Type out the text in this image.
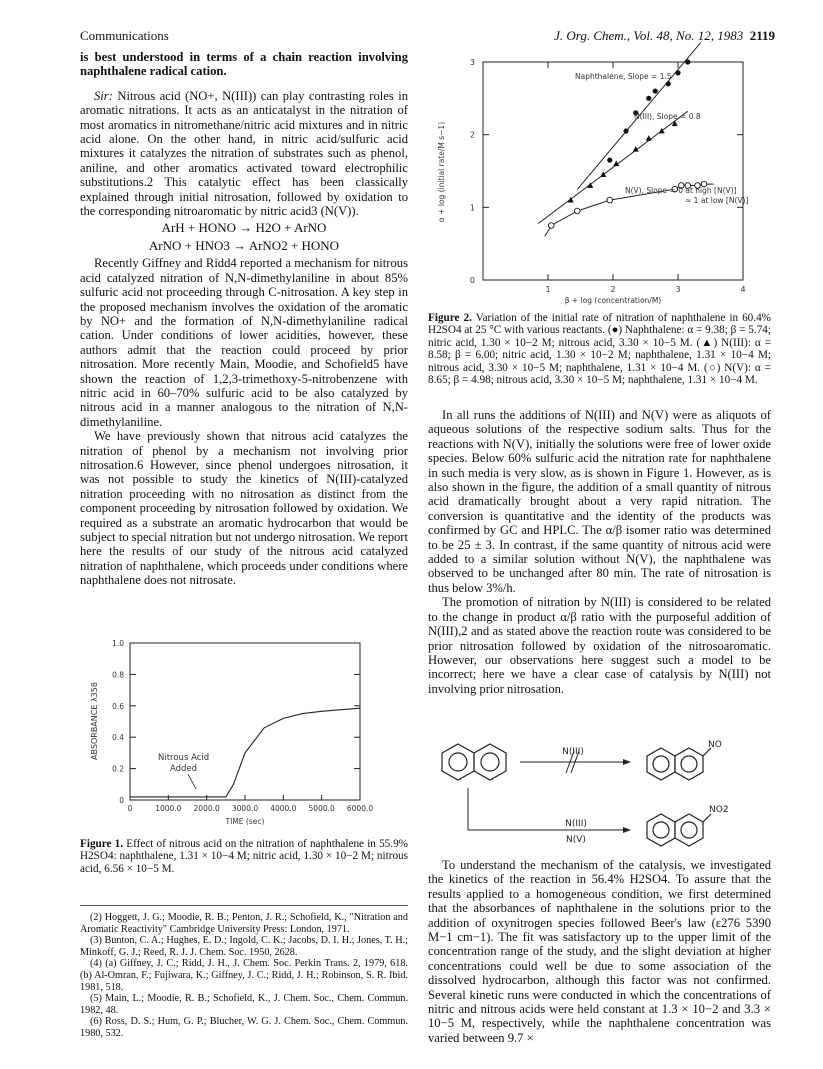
Communications	J. Org. Chem., Vol. 48, No. 12, 1983 2119

is best understood in terms of a chain reaction involving naphthalene radical cation.

Sir: Nitrous acid (NO+, N(III)) can play contrasting roles in aromatic nitrations. It acts as an anticatalyst in the nitration of most aromatics in nitromethane/nitric acid mixtures and in nitric acid alone. On the other hand, in nitric acid/sulfuric acid mixtures it catalyzes the nitration of substrates such as phenol, aniline, and other aromatics activated toward electrophilic substitutions.2 This catalytic effect has been classically explained through initial nitrosation, followed by oxidation to the corresponding nitroaromatic by nitric acid3 (N(V)).

ArH + HONO → H2O + ArNO

ArNO + HNO3 → ArNO2 + HONO

Recently Giffney and Ridd4 reported a mechanism for nitrous acid catalyzed nitration of N,N-dimethylaniline in about 85% sulfuric acid not proceeding through C-nitrosation. A key step in the proposed mechanism involves the oxidation of the aromatic by NO+ and the formation of N,N-dimethylaniline radical cation. Under conditions of lower acidities, however, these authors admit that the reaction could proceed by prior nitrosation. More recently Main, Moodie, and Schofield5 have shown the reaction of 1,2,3-trimethoxy-5-nitrobenzene with nitric acid in 60–70% sulfuric acid to be also catalyzed by nitrous acid in a manner analogous to the nitration of N,N-dimethylaniline.

We have previously shown that nitrous acid catalyzes the nitration of phenol by a mechanism not involving prior nitrosation.6 However, since phenol undergoes nitrosation, it was not possible to study the kinetics of N(III)-catalyzed nitration proceeding with no nitrosation as distinct from the component proceeding by nitrosation followed by oxidation. We required as a substrate an aromatic hydrocarbon that would be subject to special nitration but not undergo nitrosation. We report here the results of our study of the nitrous acid catalyzed nitration of naphthalene, which proceeds under conditions where naphthalene does not nitrosate.

0
0.2
0.4
0.6
0.8
1.0
0	1000.0 2000.0 3000.0 4000.0 5000.0 6000.0
Nitrous Acid
Added
ABSORBANCE λ358
TIME (sec)
Figure 1. Effect of nitrous acid on the nitration of naphthalene in 55.9% H2SO4: naphthalene, 1.31 × 10−4 M; nitric acid, 1.30 × 10−2 M; nitrous acid, 6.56 × 10−5 M.

(2) Hoggett, J. G.; Moodie, R. B.; Penton, J. R.; Schofield, K., "Nitration and Aromatic Reactivity" Cambridge University Press: London, 1971.

(3) Bunton, C. A.; Hughes, E. D.; Ingold, C. K.; Jacobs, D. I. H.; Jones, T. H.; Minkoff, G. J.; Reed, R. J. J. Chem. Soc. 1950, 2628.

(4) (a) Giffney, J. C.; Ridd, J. H., J. Chem. Soc. Perkin Trans. 2, 1979, 618. (b) Al-Omran, F.; Fujiwara, K.; Giffney, J. C.; Ridd, J. H.; Robinson, S. R. Ibid. 1981, 518.

(5) Main, L.; Moodie, R. B.; Schofield, K., J. Chem. Soc., Chem. Commun. 1982, 48.

(6) Ross, D. S.; Hum, G. P.; Blucher, W. G. J. Chem. Soc., Chem. Commun. 1980, 532.

0
1
2
3
1	2	3	4
Naphthalene, Slope = 1.5
N(III), Slope = 0.8
N(V), Slope = 0 at high [N(V)]
≈ 1 at low [N(V)]
α + log (initial rate/M s−1)
β + log (concentration/M)
Figure 2. Variation of the initial rate of nitration of naphthalene in 60.4% H2SO4 at 25 °C with various reactants. (●) Naphthalene: α = 9.38; β = 5.74; nitric acid, 1.30 × 10−2 M; nitrous acid, 3.30 × 10−5 M. (▲) N(III): α = 8.58; β = 6.00; nitric acid, 1.30 × 10−2 M; naphthalene, 1.31 × 10−4 M; nitrous acid, 3.30 × 10−5 M; naphthalene, 1.31 × 10−4 M. (○) N(V): α = 8.65; β = 4.98; nitrous acid, 3.30 × 10−5 M; naphthalene, 1.31 × 10−4 M.

In all runs the additions of N(III) and N(V) were as aliquots of aqueous solutions of the respective sodium salts. Thus for the reactions with N(V), initially the solutions were free of lower oxide species. Below 60% sulfuric acid the nitration rate for naphthalene in such media is very slow, as is shown in Figure 1. However, as is also shown in the figure, the addition of a small quantity of nitrous acid dramatically brought about a very rapid nitration. The conversion is quantitative and the identity of the products was confirmed by GC and HPLC. The α/β isomer ratio was determined to be 25 ± 3. In contrast, if the same quantity of nitrous acid were added to a similar solution without N(V), the naphthalene was observed to be unchanged after 80 min. The rate of nitrosation is thus below 3%/h.

The promotion of nitration by N(III) is considered to be related to the change in product α/β ratio with the purposeful addition of N(III),2 and as stated above the reaction route was considered to be prior nitrosation followed by oxidation of the nitrosoaromatic. However, our observations here suggest such a model to be incorrect; here we have a clear case of catalysis by N(III) not involving prior nitrosation.

N(III)
NO
N(III)
N(V)
NO2

To understand the mechanism of the catalysis, we investigated the kinetics of the reaction in 56.4% H2SO4. To assure that the results applied to a homogeneous condition, we first determined that the absorbances of naphthalene in the solutions prior to the addition of oxynitrogen species followed Beer's law (ε276 5390 M−1 cm−1). The fit was satisfactory up to the upper limit of the concentration range of the study, and the slight deviation at higher concentrations could well be due to some association of the dissolved hydrocarbon, although this factor was not confirmed. Several kinetic runs were conducted in which the concentrations of nitric and nitrous acids were held constant at 1.3 × 10−2 and 3.3 × 10−5 M, respectively, while the naphthalene concentration was varied between 9.7 ×
